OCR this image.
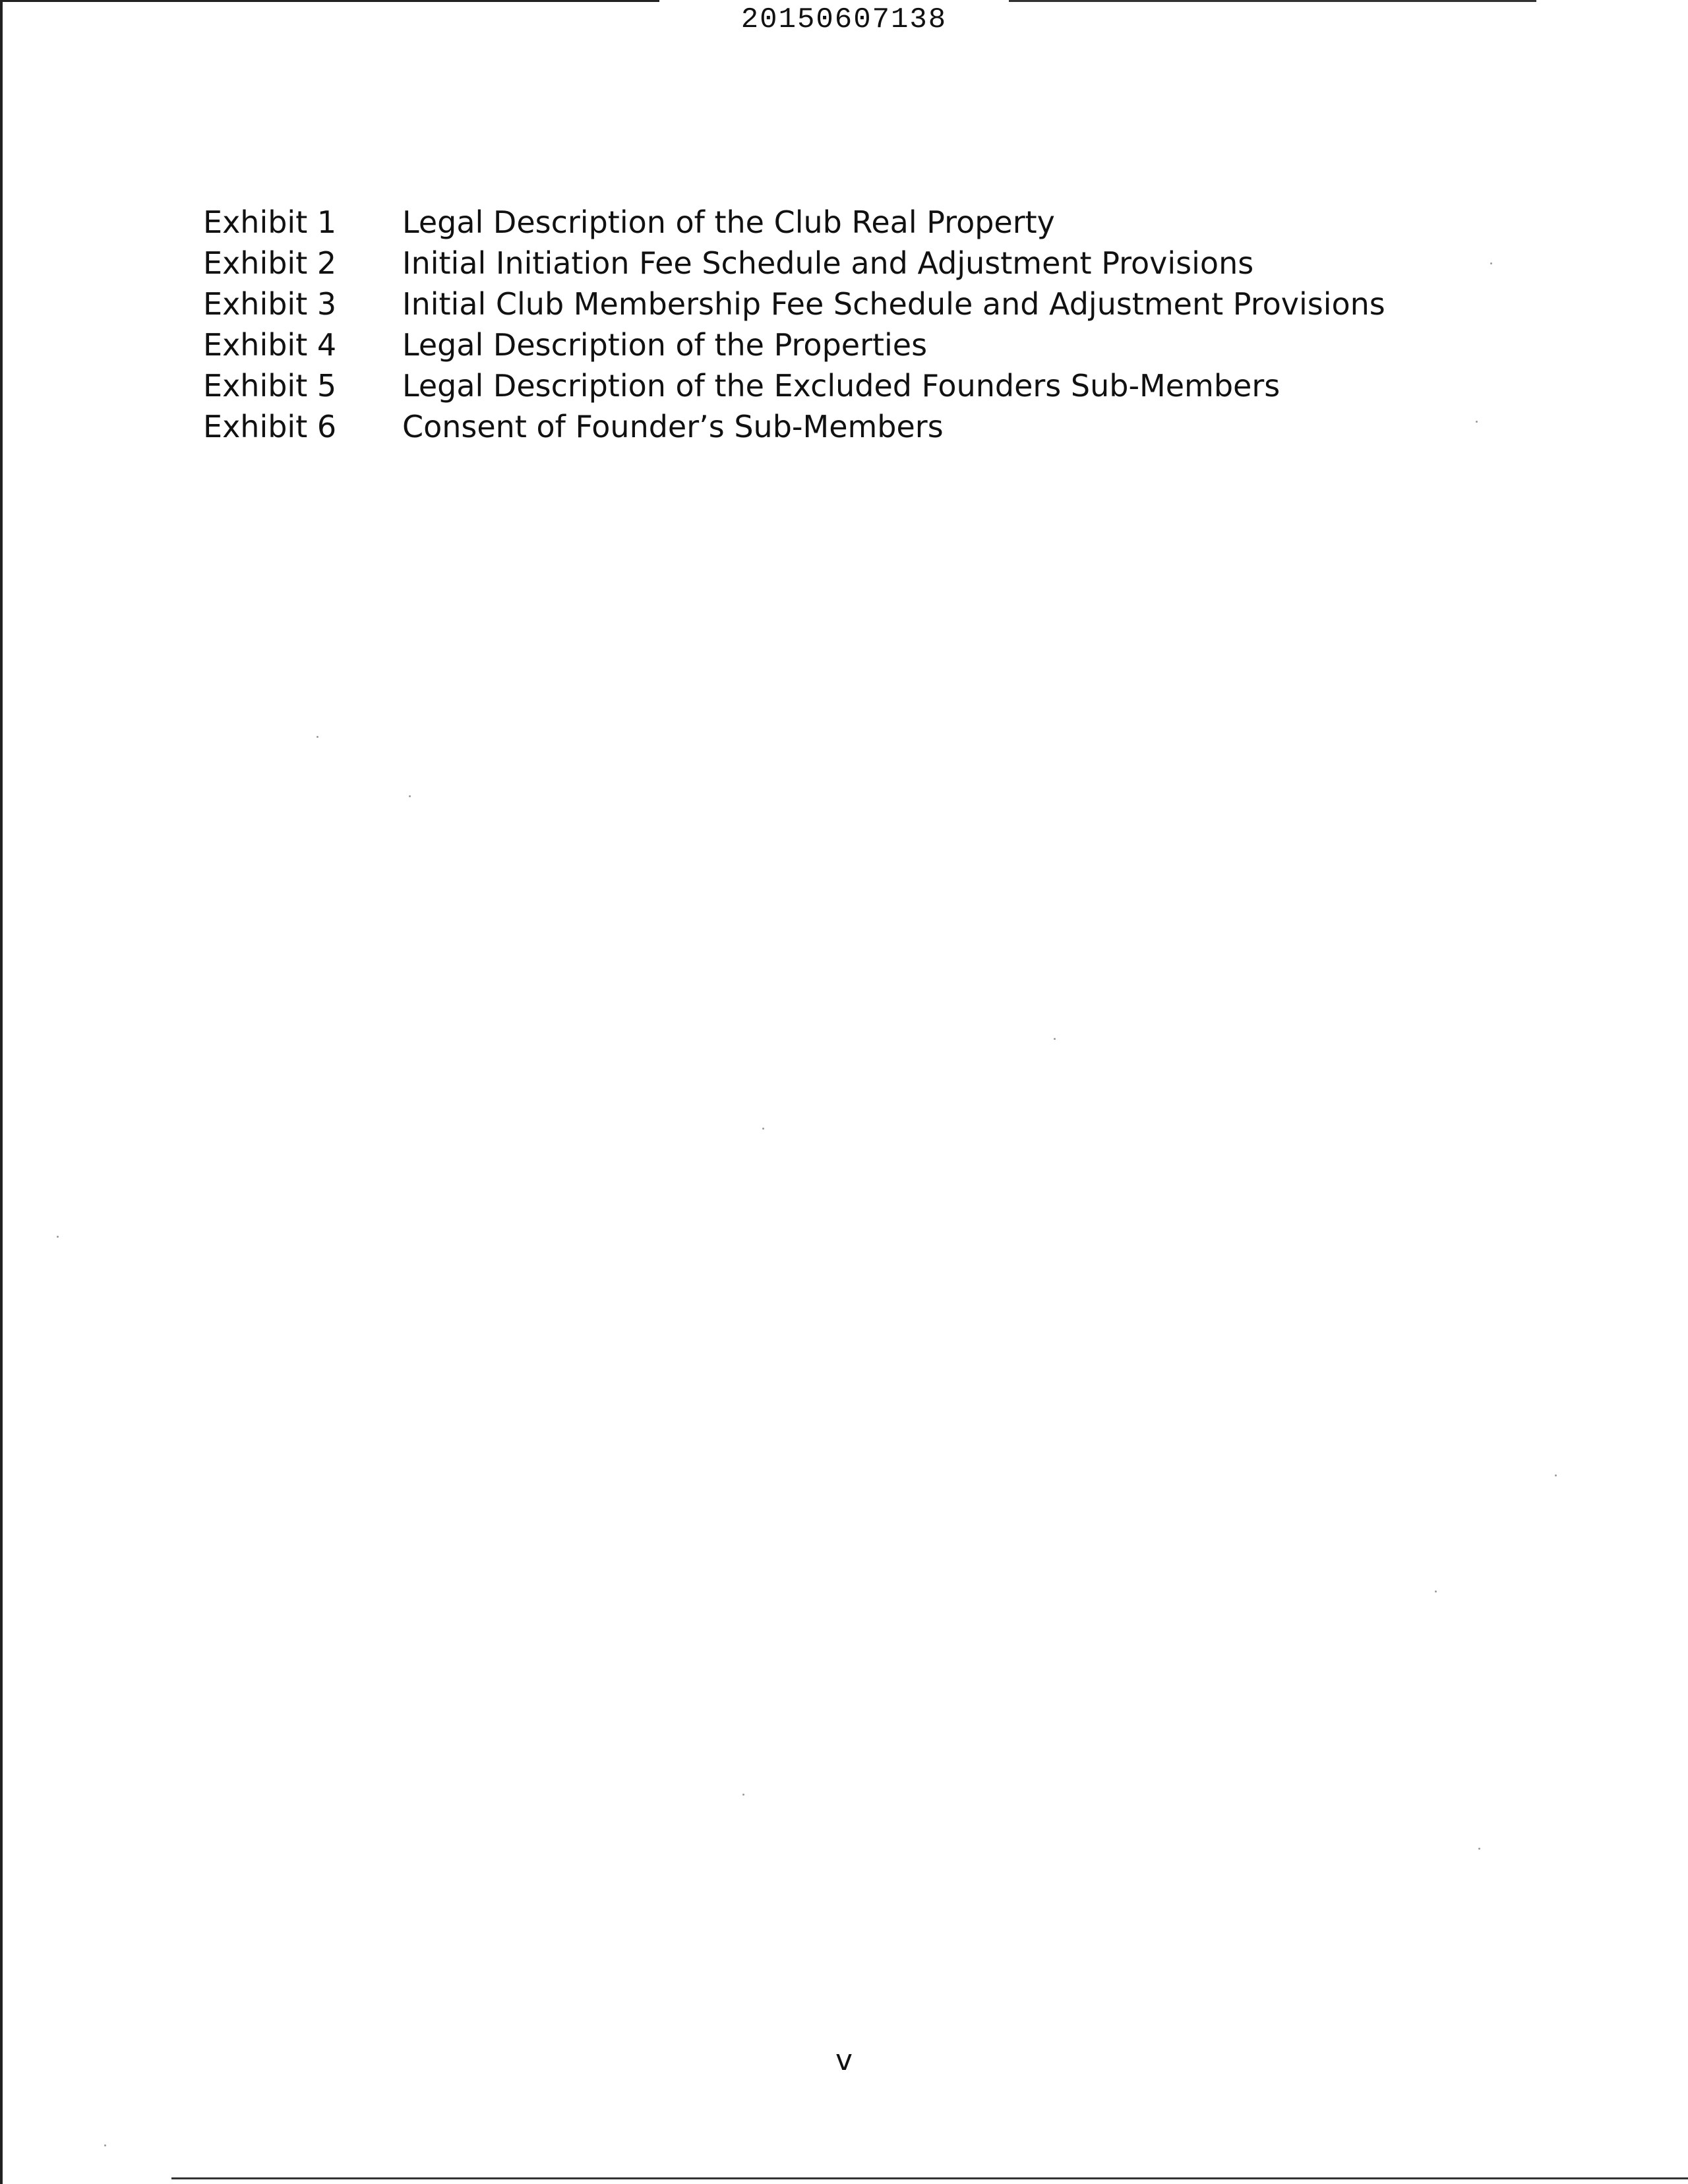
20150607138
Exhibit 1	Legal Description of the Club Real Property
Exhibit 2	Initial Initiation Fee Schedule and Adjustment Provisions
Exhibit 3	Initial Club Membership Fee Schedule and Adjustment Provisions
Exhibit 4	Legal Description of the Properties
Exhibit 5	Legal Description of the Excluded Founders Sub-Members
Exhibit 6	Consent of Founder’s Sub-Members
v
